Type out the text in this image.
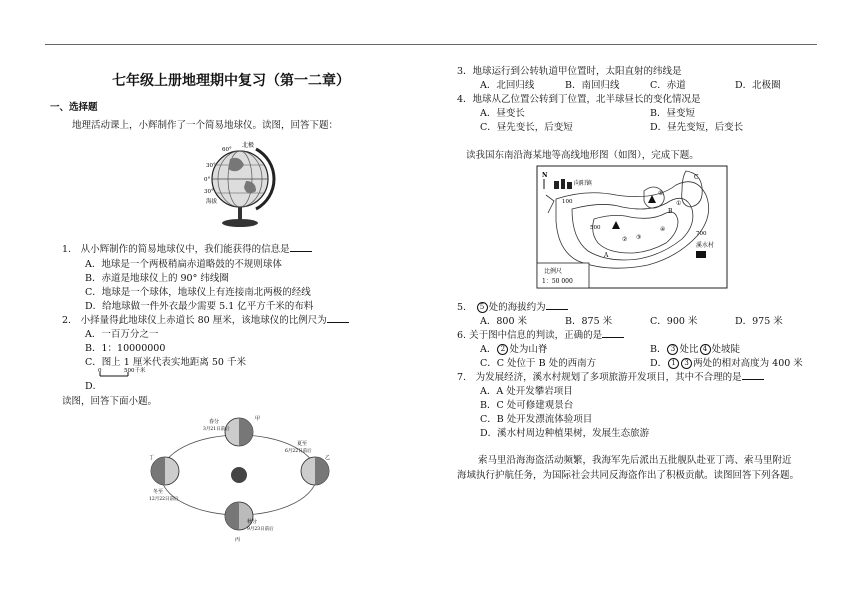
七年级上册地理期中复习（第一二章）
一、选择题
地理活动课上，小辉制作了一个简易地球仪。读图，回答下题：
北极
60°
30°
0°
30°
海拔
1.　从小辉制作的简易地球仪中，我们能获得的信息是
A．地球是一个两极稍扁赤道略鼓的不规则球体
B．赤道是地球仪上的 90° 纬线圈
C．地球是一个球体，地球仪上有连接南北两极的经线
D．给地球做一件外衣最少需要 5.1 亿平方千米的布料
2.　小择量得此地球仪上赤道长 80 厘米，该地球仪的比例尺为
A．一百万分之一
B．1：10000000
C．图上 1 厘米代表实地距离 50 千米
D．
0	500千米
读图，回答下面小题。
春分
3月21日前后
夏至
6月22日前后
秋分
9月23日前后
冬至
12月22日前后
甲
乙
丙
丁
3．地球运行到公转轨道甲位置时，太阳直射的纬线是
A．北回归线	B．南回归线	C．赤道	D．北极圈
4．地球从乙位置公转到丁位置，北半球昼长的变化情况是
A．昼变长	B．昼变短
C．昼先变长，后变短	D．昼先变短，后变长
读我国东南沿海某地等高线地形图（如图），完成下题。
N
向阳镇
100
500
700
溪水村
⑤
①
C
② ③
④
A
B
比例尺
1：50 000
5.　5 处的海拔约为
A．800 米	B．875 米	C．900 米	D．975 米
6. 关于图中信息的判读，正确的是
A． 2 处为山脊	B． 3 处比 4 处坡陡
C．C 处位于 B 处的西南方	D． 1 3 两处的相对高度为 400 米
7.　为发展经济，溪水村规划了多项旅游开发项目，其中不合理的是
A．A 处开发攀岩项目
B．C 处可修建观景台
C．B 处开发漂流体验项目
D．溪水村周边种植果树，发展生态旅游
索马里沿海海盗活动频繁，我海军先后派出五批舰队赴亚丁湾、索马里附近
海域执行护航任务，为国际社会共同反海盗作出了积极贡献。读图回答下列各题。
